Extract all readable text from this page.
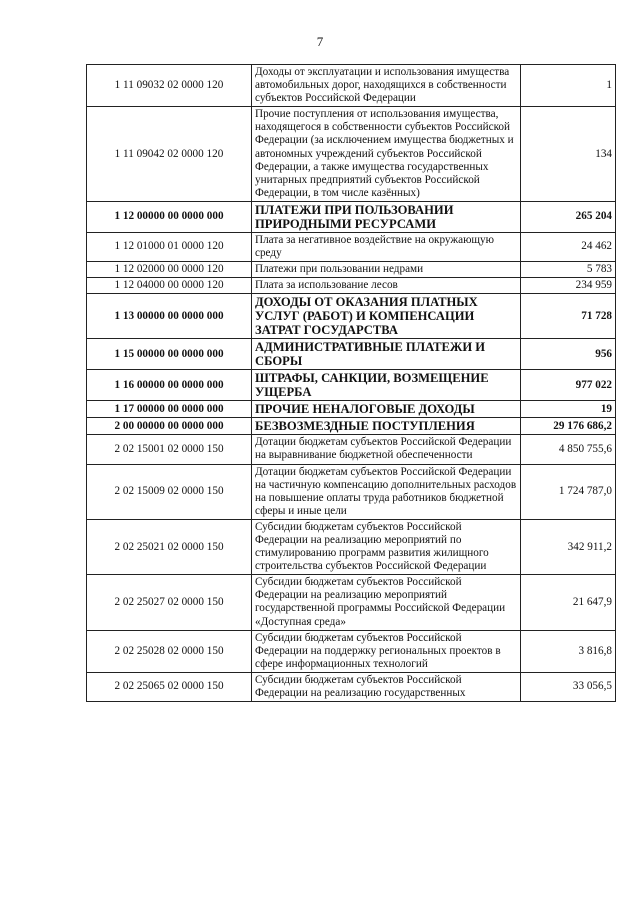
7
1 11 09032 02 0000 120	Доходы от эксплуатации и использования имущества автомобильных дорог, находящихся в собственности субъектов Российской Федерации	1
1 11 09042 02 0000 120	Прочие поступления от использования имущества, находящегося в собственности субъектов Российской Федерации (за исключением имущества бюджетных и автономных учреждений субъектов Российской Федерации, а также имущества государственных унитарных предприятий субъектов Российской Федерации, в том числе казённых)	134
1 12 00000 00 0000 000	ПЛАТЕЖИ ПРИ ПОЛЬЗОВАНИИ ПРИРОДНЫМИ РЕСУРСАМИ	265 204
1 12 01000 01 0000 120	Плата за негативное воздействие на окружающую среду	24 462
1 12 02000 00 0000 120	Платежи при пользовании недрами	5 783
1 12 04000 00 0000 120	Плата за использование лесов	234 959
1 13 00000 00 0000 000	ДОХОДЫ ОТ ОКАЗАНИЯ ПЛАТНЫХ УСЛУГ (РАБОТ) И КОМПЕНСАЦИИ ЗАТРАТ ГОСУДАРСТВА	71 728
1 15 00000 00 0000 000	АДМИНИСТРАТИВНЫЕ ПЛАТЕЖИ И СБОРЫ	956
1 16 00000 00 0000 000	ШТРАФЫ, САНКЦИИ, ВОЗМЕЩЕНИЕ УЩЕРБА	977 022
1 17 00000 00 0000 000	ПРОЧИЕ НЕНАЛОГОВЫЕ ДОХОДЫ	19
2 00 00000 00 0000 000	БЕЗВОЗМЕЗДНЫЕ ПОСТУПЛЕНИЯ	29 176 686,2
2 02 15001 02 0000 150	Дотации бюджетам субъектов Российской Федерации на выравнивание бюджетной обеспеченности	4 850 755,6
2 02 15009 02 0000 150	Дотации бюджетам субъектов Российской Федерации на частичную компенсацию дополнительных расходов на повышение оплаты труда работников бюджетной сферы и иные цели	1 724 787,0
2 02 25021 02 0000 150	Субсидии бюджетам субъектов Российской Федерации на реализацию мероприятий по стимулированию программ развития жилищного строительства субъектов Российской Федерации	342 911,2
2 02 25027 02 0000 150	Субсидии бюджетам субъектов Российской Федерации на реализацию мероприятий государственной программы Российской Федерации «Доступная среда»	21 647,9
2 02 25028 02 0000 150	Субсидии бюджетам субъектов Российской Федерации на поддержку региональных проектов в сфере информационных технологий	3 816,8
2 02 25065 02 0000 150	Субсидии бюджетам субъектов Российской Федерации на реализацию государственных	33 056,5
